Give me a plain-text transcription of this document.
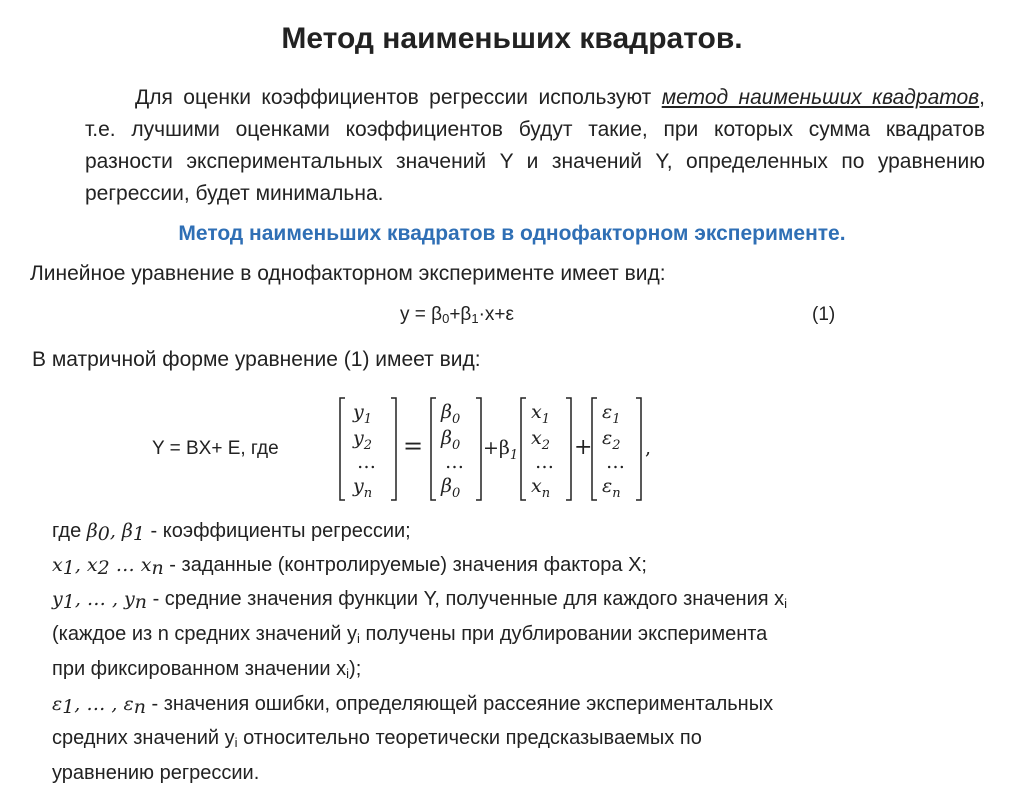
Метод наименьших квадратов.
Для оценки коэффициентов регрессии используют метод наименьших квадратов, т.е. лучшими оценками коэффициентов будут такие, при которых сумма квадратов разности экспериментальных значений Y и значений Y, определенных по уравнению регрессии, будет минимальна.
Метод наименьших квадратов в однофакторном эксперименте.
Линейное уравнение в однофакторном эксперименте имеет вид:
$y = \beta_0+\beta_1\cdot x+\varepsilon$	(1)
В матричной форме уравнение (1) имеет вид:
Y = BX+ E, где
$y_1$
$y_2$
…
$y_n$
=
$\beta_0$
$\beta_0$
…
$\beta_0$
$+\beta_1$
$x_1$
$x_2$
…
$x_n$
+
$\varepsilon_1$
$\varepsilon_2$
…
$\varepsilon_n$
,
где $\beta_0$, $\beta_1$ - коэффициенты регрессии;
$x_1$, $x_2$ … $x_n$ - заданные (контролируемые) значения фактора X;
$y_1$, … , $y_n$ - средние значения функции Y, полученные для каждого значения $x_i$
(каждое из n средних значений $y_i$ получены при дублировании эксперимента
при фиксированном значении $x_i$);
$\varepsilon_1$, … , $\varepsilon_n$ - значения ошибки, определяющей рассеяние экспериментальных
средних значений $y_i$ относительно теоретически предсказываемых по
уравнению регрессии.
